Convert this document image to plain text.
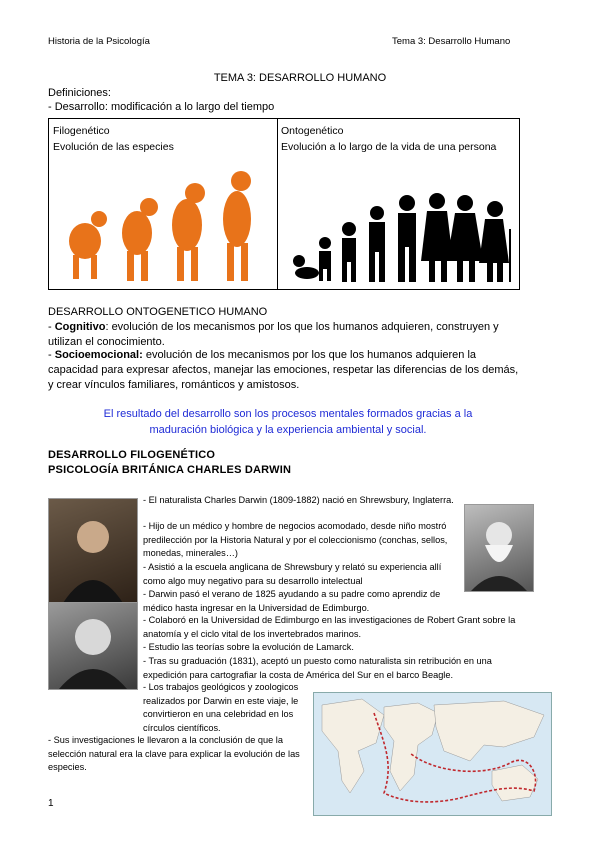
Historia de la Psicología	Tema 3: Desarrollo Humano
TEMA 3: DESARROLLO HUMANO
Definiciones:
- Desarrollo: modificación a lo largo del tiempo
Filogenético
Evolución de las especies
Ontogenético
Evolución a lo largo de la vida de una persona
DESARROLLO ONTOGENETICO HUMANO
- Cognitivo: evolución de los mecanismos por los que los humanos adquieren, construyen y utilizan el conocimiento.
- Socioemocional: evolución de los mecanismos por los que los humanos adquieren la capacidad para expresar afectos, manejar las emociones, respetar las diferencias de los demás, y crear vínculos familiares, románticos y amistosos.
El resultado del desarrollo son los procesos mentales formados gracias a la maduración biológica y la experiencia ambiental y social.
DESARROLLO FILOGENÉTICO
PSICOLOGÍA BRITÁNICA CHARLES DARWIN
- El naturalista Charles Darwin (1809-1882) nació en Shrewsbury, Inglaterra.
- Hijo de un médico y hombre de negocios acomodado, desde niño mostró predilección por la Historia Natural y por el coleccionismo (conchas, sellos, monedas, minerales…)
- Asistió a la escuela anglicana de Shrewsbury y relató su experiencia allí como algo muy negativo para su desarrollo intelectual
- Darwin pasó el verano de 1825 ayudando a su padre como aprendiz de médico hasta ingresar en la Universidad de Edimburgo.
- Colaboró en la Universidad de Edimburgo en las investigaciones de Robert Grant sobre la anatomía y el ciclo vital de los invertebrados marinos.
- Estudio las teorías sobre la evolución de Lamarck.
- Tras su graduación (1831), aceptó un puesto como naturalista sin retribución en una expedición para cartografiar la costa de América del Sur en el barco Beagle.
- Los trabajos geológicos y zoologicos realizados por Darwin en este viaje, le convirtieron en una celebridad en los círculos científicos.
- Sus investigaciones le llevaron a la conclusión de que la selección natural era la clave para explicar la evolución de las especies.
1
